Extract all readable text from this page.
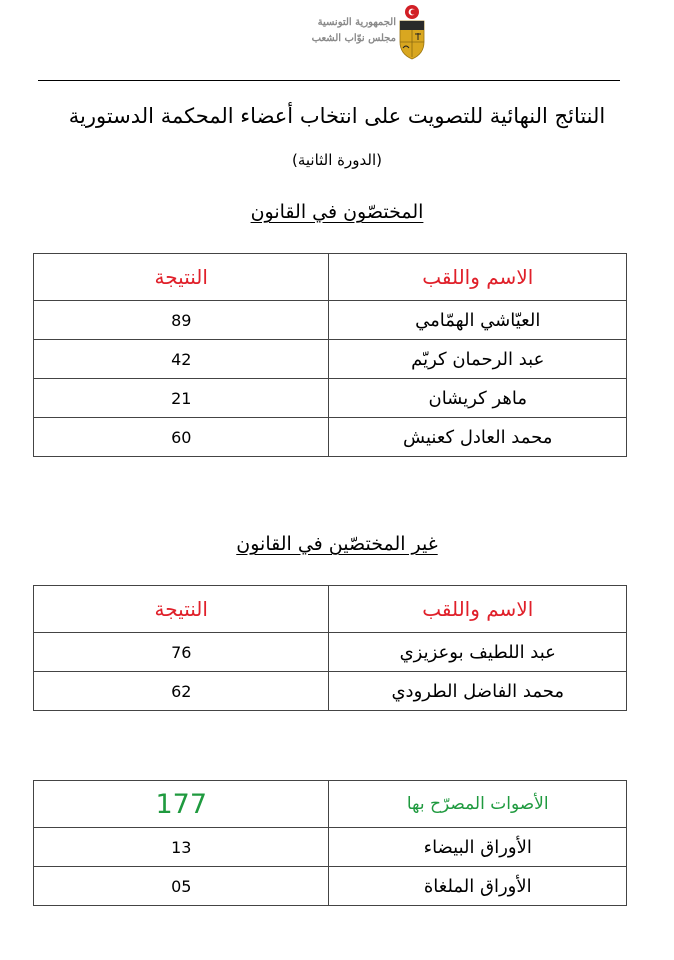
الجمهورية التونسية
مجلس نوّاب الشعب
النتائج النهائية للتصويت على انتخاب أعضاء المحكمة الدستورية
(الدورة الثانية)
المختصّون في القانون
النتيجة	الاسم واللقب
89	العيّاشي الهمّامي
42	عبد الرحمان كريّم
21	ماهر كريشان
60	محمد العادل كعنيش
غير المختصّين في القانون
النتيجة	الاسم واللقب
76	عبد اللطيف بوعزيزي
62	محمد الفاضل الطرودي
177	الأصوات المصرّح بها
13	الأوراق البيضاء
05	الأوراق الملغاة
